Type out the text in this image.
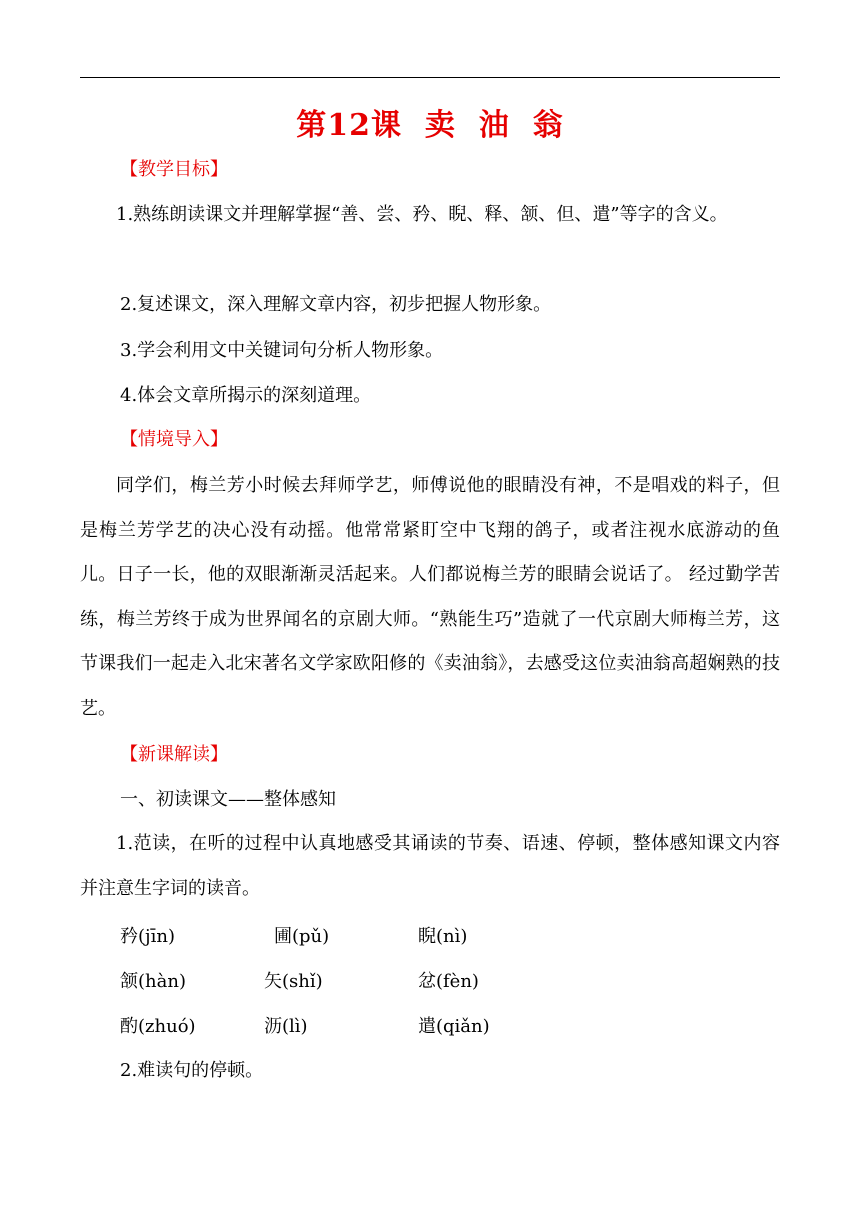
第12课  卖  油  翁
【教学目标】
1.熟练朗读课文并理解掌握“善、尝、矜、睨、释、颔、但、遣”等字的含义。
2.复述课文，深入理解文章内容，初步把握人物形象。
3.学会利用文中关键词句分析人物形象。
4.体会文章所揭示的深刻道理。
【情境导入】
同学们，梅兰芳小时候去拜师学艺，师傅说他的眼睛没有神，不是唱戏的料子，但是梅兰芳学艺的决心没有动摇。他常常紧盯空中飞翔的鸽子，或者注视水底游动的鱼儿。日子一长，他的双眼渐渐灵活起来。人们都说梅兰芳的眼睛会说话了。 经过勤学苦练，梅兰芳终于成为世界闻名的京剧大师。“熟能生巧”造就了一代京剧大师梅兰芳，这节课我们一起走入北宋著名文学家欧阳修的《卖油翁》，去感受这位卖油翁高超娴熟的技艺。
【新课解读】
一、初读课文——整体感知
1.范读，在听的过程中认真地感受其诵读的节奏、语速、停顿，整体感知课文内容并注意生字词的读音。
矜(jīn)	圃(pǔ)	睨(nì)
颔(hàn)	矢(shǐ)	忿(fèn)
酌(zhuó)	沥(lì)	遣(qiǎn)
2.难读句的停顿。
